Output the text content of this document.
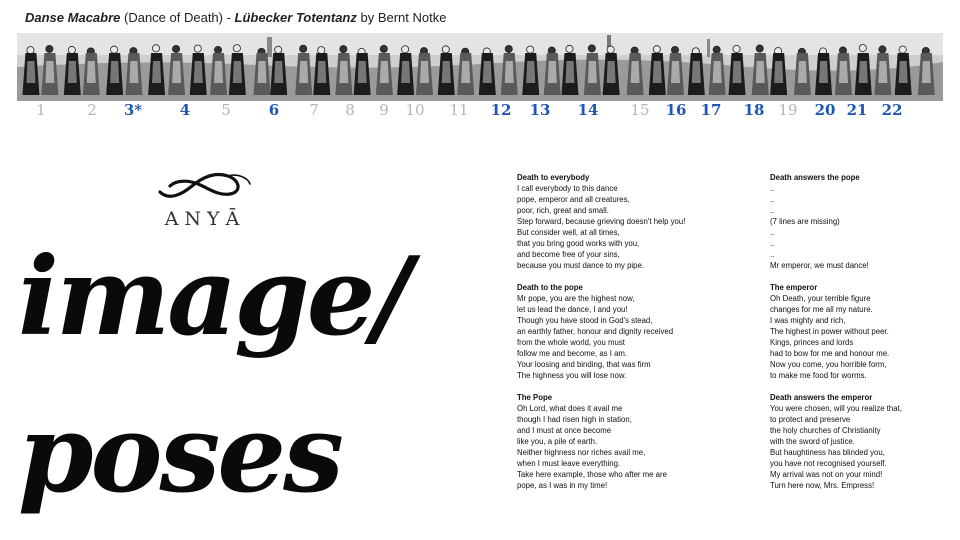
Danse Macabre (Dance of Death) - Lübecker Totentanz by Bernt Notke
1	2 3*	4 5	6 7 8 9 10 11 12 13 14 15 16 17 18 19 20 21 22
ANYĀ
image/
poses
Death to everybody
I call everybody to this dance
pope, emperor and all creatures,
poor, rich, great and small.
Step forward, because grieving doesn't help you!
But consider well, at all times,
that you bring good works with you,
and become free of your sins,
because you must dance to my pipe.
Death to the pope
Mr pope, you are the highest now,
let us lead the dance, I and you!
Though you have stood in God's stead,
an earthly father, honour and dignity received
from the whole world, you must
follow me and become, as I am.
Your loosing and binding, that was firm
The highness you will lose now.
The Pope
Oh Lord, what does it avail me
though I had risen high in station,
and I must at once become
like you, a pile of earth.
Neither highness nor riches avail me,
when I must leave everything.
Take here example, those who after me are
pope, as I was in my time!
Death answers the pope
..
..
..
(7 lines are missing)
..
..
..
Mr emperor, we must dance!
The emperor
Oh Death, your terrible figure
changes for me all my nature.
I was mighty and rich,
The highest in power without peer.
Kings, princes and lords
had to bow for me and honour me.
Now you come, you horrible form,
to make me food for worms.
Death answers the emperor
You were chosen, will you realize that,
to protect and preserve
the holy churches of Christianity
with the sword of justice.
But haughtiness has blinded you,
you have not recognised yourself.
My arrival was not on your mind!
Turn here now, Mrs. Empress!
